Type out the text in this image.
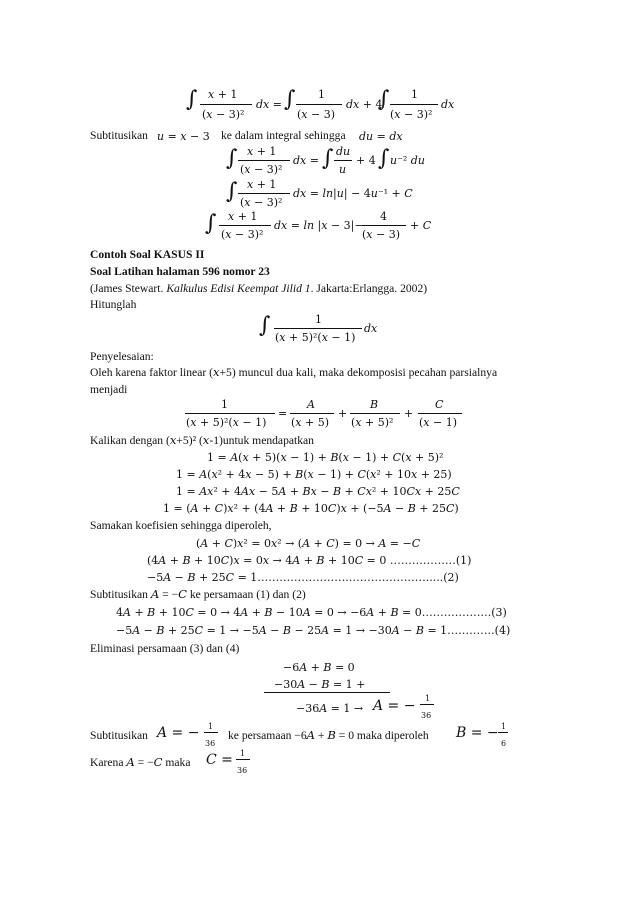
∫ 𝑥 + 1
(𝑥 − 3)²
𝑑𝑥 = ∫ 1
(𝑥 − 3)
𝑑𝑥 + 4
∫ 1
(𝑥 − 3)²
𝑑𝑥
Subtitusikan 𝑢 = 𝑥 − 3 ke dalam integral sehingga 𝑑𝑢 = 𝑑𝑥
∫ 𝑥 + 1
(𝑥 − 3)²
𝑑𝑥 = ∫ 𝑑𝑢
𝑢
+ 4 ∫ 𝑢⁻² 𝑑𝑢
∫ 𝑥 + 1
(𝑥 − 3)²
𝑑𝑥 = 𝑙𝑛|𝑢| − 4𝑢⁻¹ + 𝐶
∫ 𝑥 + 1
(𝑥 − 3)²
𝑑𝑥 = 𝑙𝑛 |𝑥 − 3|−
4
(𝑥 − 3)
+ 𝐶
Contoh Soal KASUS II
Soal Latihan halaman 596 nomor 23
(James Stewart. Kalkulus Edisi Keempat Jilid 1. Jakarta:Erlangga. 2002)
Hitunglah
∫	1
(𝑥 + 5)²(𝑥 − 1)
𝑑𝑥
Penyelesaian:
Oleh karena faktor linear (𝑥+5) muncul dua kali, maka dekomposisi pecahan parsialnya
menjadi
1
(𝑥 + 5)²(𝑥 − 1)
=
𝐴
(𝑥 + 5)
+
𝐵
(𝑥 + 5)²
+
𝐶
(𝑥 − 1)
Kalikan dengan (𝑥+5)² (𝑥-1)untuk mendapatkan
1 = 𝐴(𝑥 + 5)(𝑥 − 1) + 𝐵(𝑥 − 1) + 𝐶(𝑥 + 5)²
1 = 𝐴(𝑥² + 4𝑥 − 5) + 𝐵(𝑥 − 1) + 𝐶(𝑥² + 10𝑥 + 25)
1 = 𝐴𝑥² + 4𝐴𝑥 − 5𝐴 + 𝐵𝑥 − 𝐵 + 𝐶𝑥² + 10𝐶𝑥 + 25𝐶
1 = (𝐴 + 𝐶)𝑥² + (4𝐴 + 𝐵 + 10𝐶)𝑥 + (−5𝐴 − 𝐵 + 25𝐶)
Samakan koefisien sehingga diperoleh,
(𝐴 + 𝐶)𝑥² = 0𝑥² → (𝐴 + 𝐶) = 0 → 𝐴 = −𝐶
(4𝐴 + 𝐵 + 10𝐶)𝑥 = 0𝑥 → 4𝐴 + 𝐵 + 10𝐶 = 0 ………………(1)
−5𝐴 − 𝐵 + 25𝐶 = 1…………………….………………….....(2)
Subtitusikan 𝐴 = −𝐶 ke persamaan (1) dan (2)
4𝐴 + 𝐵 + 10𝐶 = 0 → 4𝐴 + 𝐵 − 10𝐴 = 0 → −6𝐴 + 𝐵 = 0……………….(3)
−5𝐴 − 𝐵 + 25𝐶 = 1 → −5𝐴 − 𝐵 − 25𝐴 = 1 → −30𝐴 − 𝐵 = 1………….(4)
Eliminasi persamaan (3) dan (4)
−6𝐴 + 𝐵 = 0
−30𝐴 − 𝐵 = 1 +
−36𝐴 = 1 → 𝐴 = − 1
36
Subtitusikan 𝐴 = − 1
36
ke persamaan −6𝐴 + 𝐵 = 0 maka diperoleh 𝐵 = − 1
6
Karena 𝐴 = −𝐶 maka 𝐶 = 1
36
